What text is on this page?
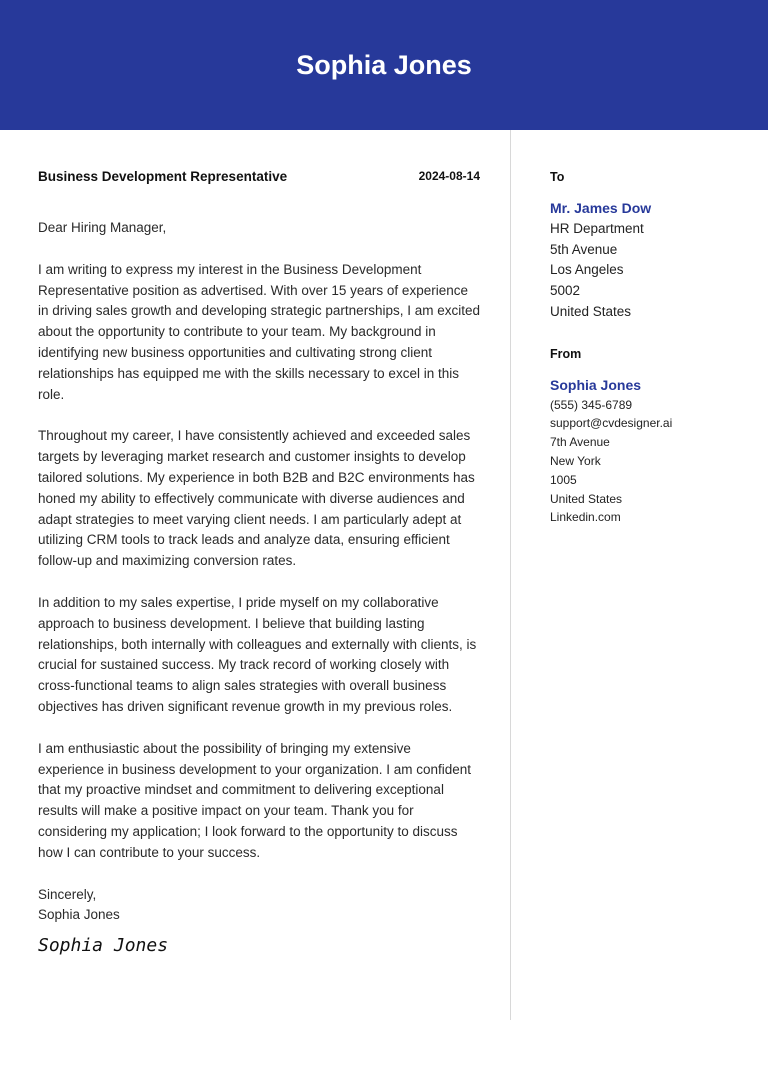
Sophia Jones
Business Development Representative	2024-08-14

Dear Hiring Manager,

I am writing to express my interest in the Business Development Representative position as advertised. With over 15 years of experience in driving sales growth and developing strategic partnerships, I am excited about the opportunity to contribute to your team. My background in identifying new business opportunities and cultivating strong client relationships has equipped me with the skills necessary to excel in this role.

Throughout my career, I have consistently achieved and exceeded sales targets by leveraging market research and customer insights to develop tailored solutions. My experience in both B2B and B2C environments has honed my ability to effectively communicate with diverse audiences and adapt strategies to meet varying client needs. I am particularly adept at utilizing CRM tools to track leads and analyze data, ensuring efficient follow-up and maximizing conversion rates.

In addition to my sales expertise, I pride myself on my collaborative approach to business development. I believe that building lasting relationships, both internally with colleagues and externally with clients, is crucial for sustained success. My track record of working closely with cross-functional teams to align sales strategies with overall business objectives has driven significant revenue growth in my previous roles.

I am enthusiastic about the possibility of bringing my extensive experience in business development to your organization. I am confident that my proactive mindset and commitment to delivering exceptional results will make a positive impact on your team. Thank you for considering my application; I look forward to the opportunity to discuss how I can contribute to your success.

Sincerely,
Sophia Jones
Sophia Jones
To
Mr. James Dow
HR Department
5th Avenue
Los Angeles
5002
United States
From
Sophia Jones
(555) 345-6789
support@cvdesigner.ai
7th Avenue
New York
1005
United States
Linkedin.com
